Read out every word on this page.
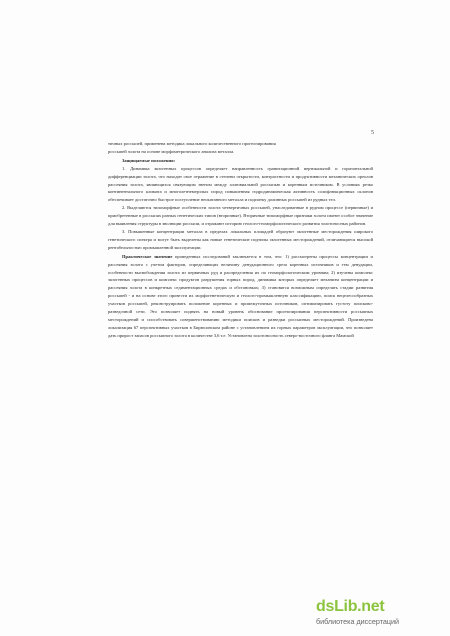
5

тичных россыпей, применена методика локального количественного прогнозирования

россыпей золота на основе морфометрического анализа металла.

Защищаемые положения:

1. Динамика экзогенных процессов определяет направленность гранитационной вертикальной и горизонтальной дифференциации золота, что находит свое отражение в степени открытости, контрастности и продуктивности механических ореолов рассеяния золота, являющихся связующим звеном между аллювиальной россыпью и коренным источником. В условиях резко континентального климата и многолетнемерзлых пород повышенная гидродинамическая активность солифлюкционных склонов обеспечивает достаточно быстрое поступление неокатанного металла и подпитку долинных россыпей из рудных тел.

2. Выделяются типоморфные особенности золота четвертичных россыпей, унаследованные в рудном процессе (первичные) и приобретенные в россыпях разных генетических типов (вторичные). Вторичные типоморфные признаки золота имеют особое значение для выявления структуры в эволюции россыпи, и отражают историю геолого-геоморфологического развития золотоносных районов.

3. Повышенные концентрации металла в пределах локальных площадей образуют экзогенные месторождения широкого генетического спектра и могут быть выделены как новые генетические подтипы экзогенных месторождений, отличающиеся высокой рентабельностью промышленной эксплуатации.

Практическое значение проведенных исследований заключается в том, что: 1) рассмотрены процессы концентрации и рассеяния золота с учетом факторов, определяющих величину денудационного среза коренных источников и тем денудации, особенности высвобождения золота из первичных руд и распределения их по геоморфологическим уровням; 2) изучены комплекс экзогенных процессов и комплекс продуктов разрушения горных пород, динамика которых определяет механизм концентрации и рассеяния золота в конкретных седиментационных средах и обстановках; 3) становятся возможным определять стадии развития россыпей - и на основе этого провести их морфогенетическую и геолого-промышленную классификацию, поиск нецелесообразных участков россыпей, реконструировать положение коренных и промежуточных источников, оптимизировать густоту поисково-разведочной сети. Это позволяет поднять на новый уровень обоснование прогнозирования перспективности россыпных месторождений и способствовать совершенствованию методики поисков и разведки россыпных месторождений. Произведена локализация 67 перспективных участков в Бирюсинском районе с установлением их горных параметров эксплуатации, что позволяет дать прирост запасов россыпного золота в количестве 3,6 т.е. Установлена золотоносность северо-восточного фланга Мамской

dsLib.net
библиотека диссертаций
